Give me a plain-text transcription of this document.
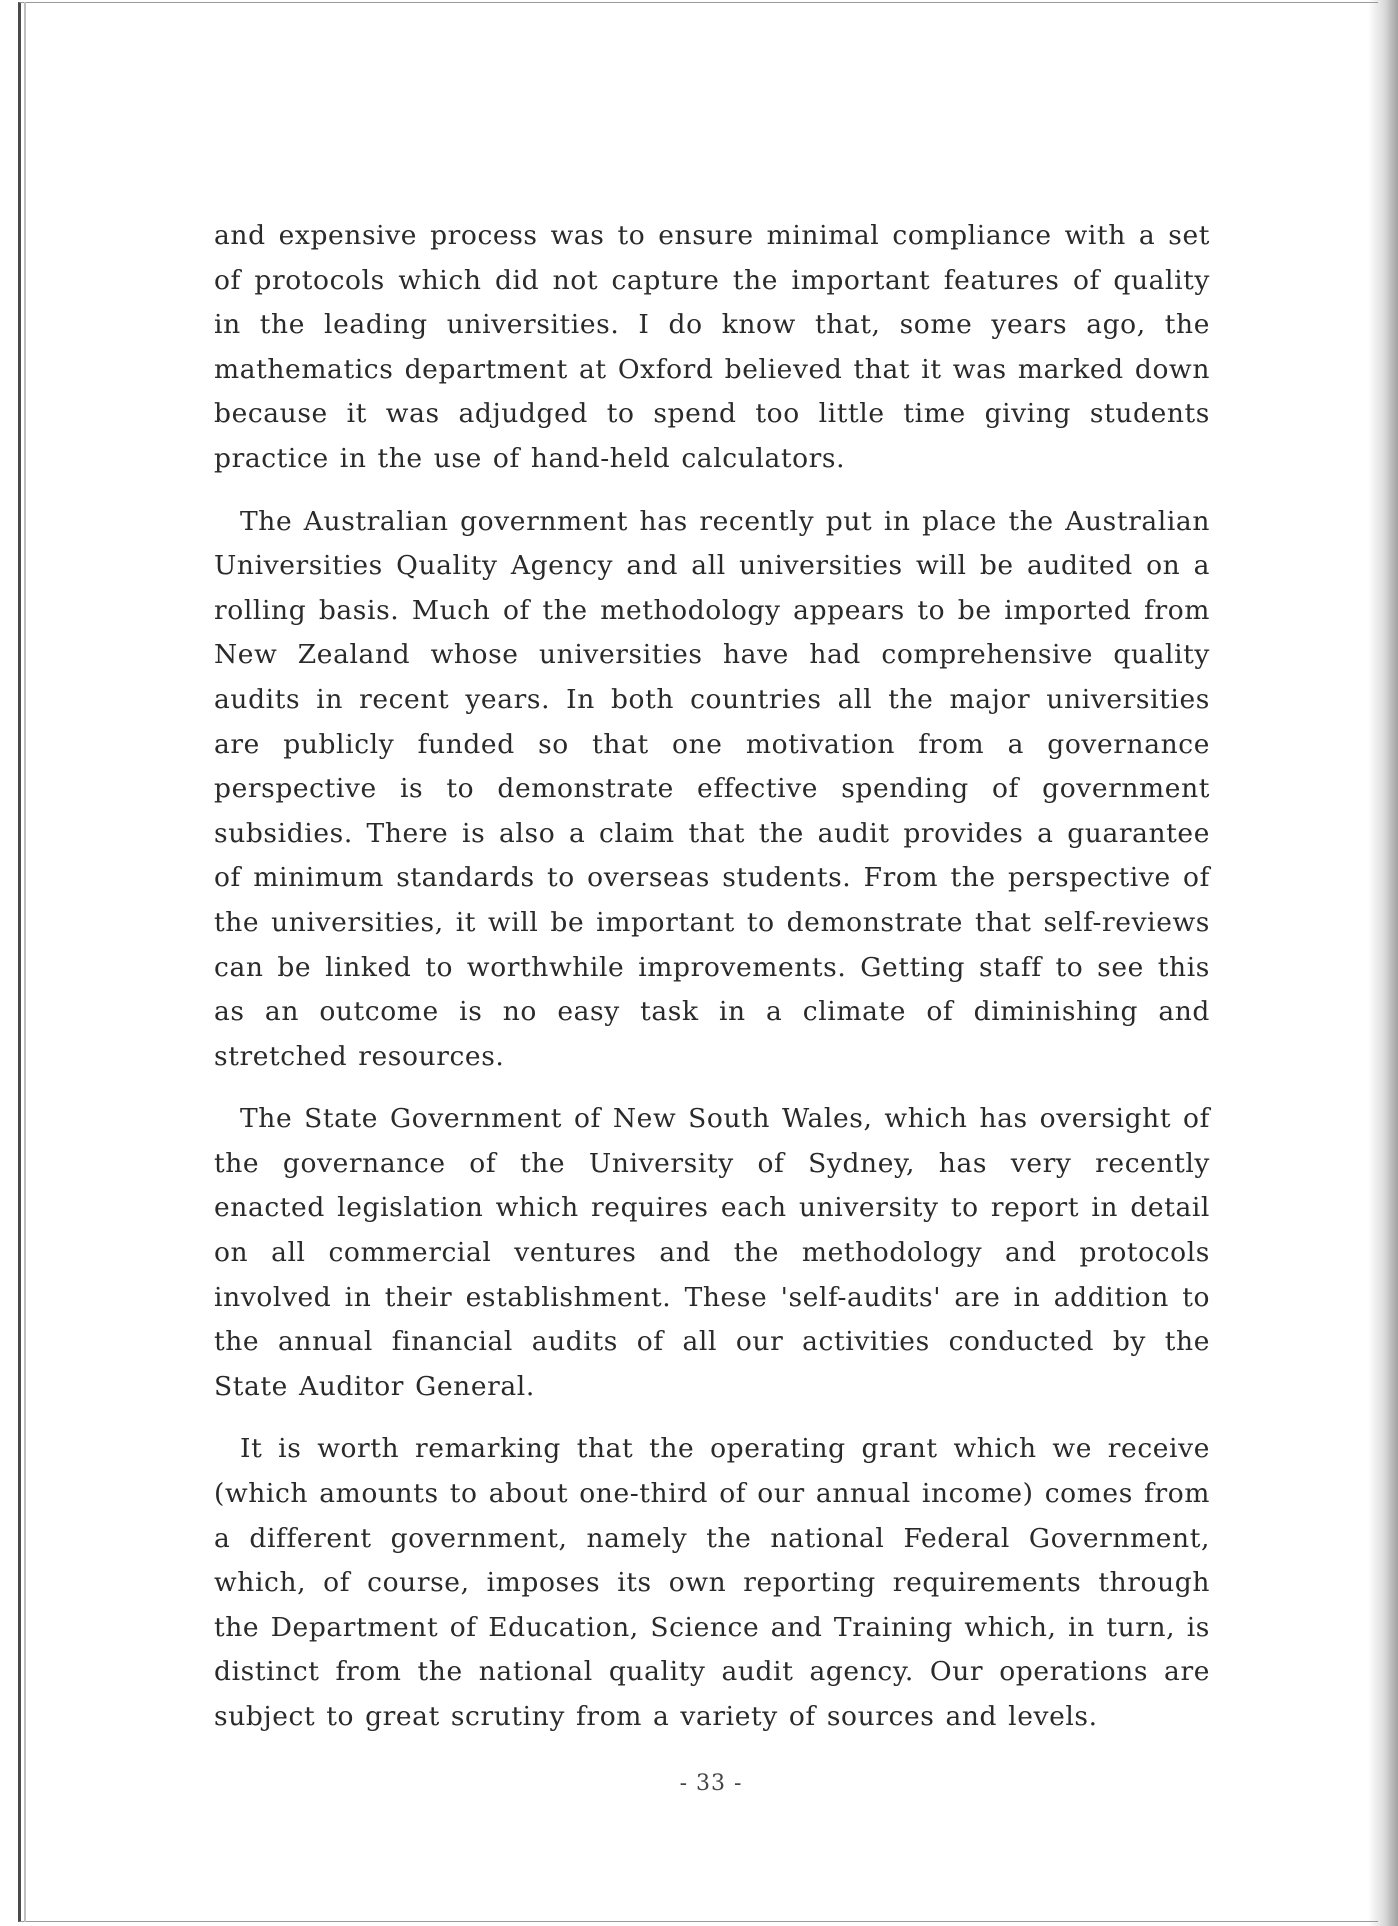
and expensive process was to ensure minimal compliance with a set of protocols which did not capture the important features of quality in the leading universities. I do know that, some years ago, the mathematics department at Oxford believed that it was marked down because it was adjudged to spend too little time giving students practice in the use of hand-held calculators.

The Australian government has recently put in place the Australian Universities Quality Agency and all universities will be audited on a rolling basis. Much of the methodology appears to be imported from New Zealand whose universities have had comprehensive quality audits in recent years. In both countries all the major universities are publicly funded so that one motivation from a governance perspective is to demonstrate effective spending of government subsidies. There is also a claim that the audit provides a guarantee of minimum standards to overseas students. From the perspective of the universities, it will be important to demonstrate that self-reviews can be linked to worthwhile improvements. Getting staff to see this as an outcome is no easy task in a climate of diminishing and stretched resources.

The State Government of New South Wales, which has oversight of the governance of the University of Sydney, has very recently enacted legislation which requires each university to report in detail on all commercial ventures and the methodology and protocols involved in their establishment. These 'self-audits' are in addition to the annual financial audits of all our activities conducted by the State Auditor General.

It is worth remarking that the operating grant which we receive (which amounts to about one-third of our annual income) comes from a different government, namely the national Federal Government, which, of course, imposes its own reporting requirements through the Department of Education, Science and Training which, in turn, is distinct from the national quality audit agency. Our operations are subject to great scrutiny from a variety of sources and levels.

- 33 -
